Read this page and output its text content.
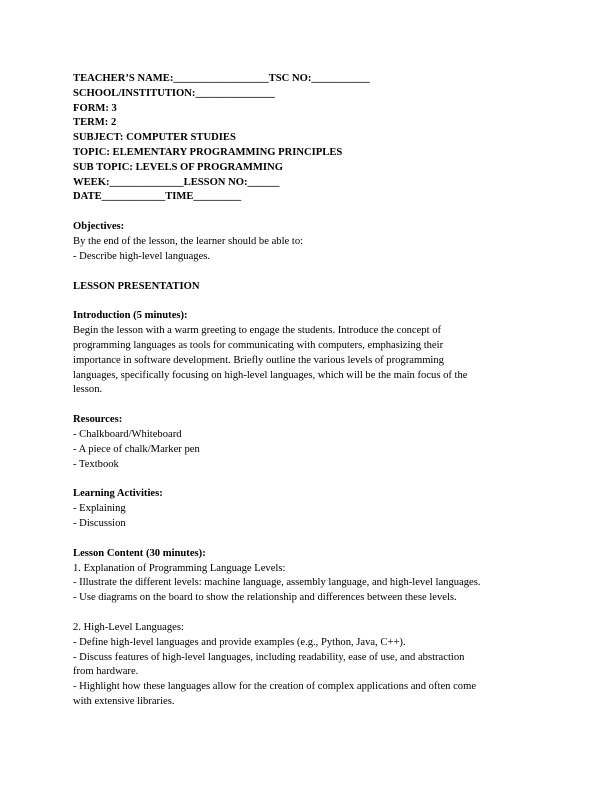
TEACHER’S NAME:__________________TSC NO:___________
SCHOOL/INSTITUTION:_______________
FORM: 3
TERM: 2
SUBJECT: COMPUTER STUDIES
TOPIC: ELEMENTARY PROGRAMMING PRINCIPLES
SUB TOPIC: LEVELS OF PROGRAMMING
WEEK:______________LESSON NO:______
DATE____________TIME_________
Objectives:
By the end of the lesson, the learner should be able to:
- Describe high-level languages.
LESSON PRESENTATION
Introduction (5 minutes):
Begin the lesson with a warm greeting to engage the students. Introduce the concept of
programming languages as tools for communicating with computers, emphasizing their
importance in software development. Briefly outline the various levels of programming
languages, specifically focusing on high-level languages, which will be the main focus of the
lesson.
Resources:
- Chalkboard/Whiteboard
- A piece of chalk/Marker pen
- Textbook
Learning Activities:
- Explaining
- Discussion
Lesson Content (30 minutes):
1. Explanation of Programming Language Levels:
- Illustrate the different levels: machine language, assembly language, and high-level languages.
- Use diagrams on the board to show the relationship and differences between these levels.
2. High-Level Languages:
- Define high-level languages and provide examples (e.g., Python, Java, C++).
- Discuss features of high-level languages, including readability, ease of use, and abstraction
from hardware.
- Highlight how these languages allow for the creation of complex applications and often come
with extensive libraries.
